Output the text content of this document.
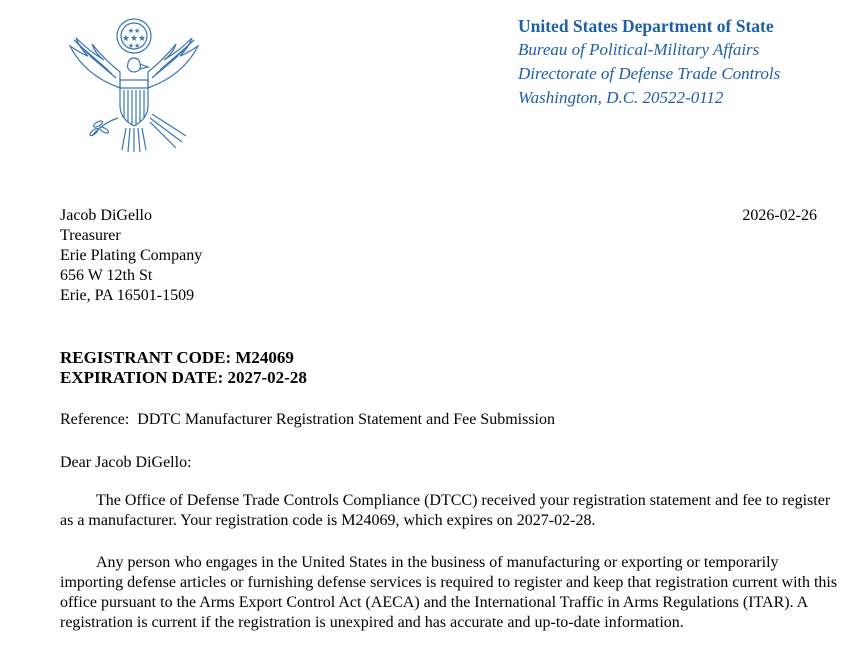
★★★
★★
★★
United States Department of State
Bureau of Political-Military Affairs
Directorate of Defense Trade Controls
Washington, D.C. 20522-0112
Jacob DiGello
Treasurer
Erie Plating Company
656 W 12th St
Erie, PA 16501-1509
2026-02-26
REGISTRANT CODE: M24069
EXPIRATION DATE: 2027-02-28
Reference:  DDTC Manufacturer Registration Statement and Fee Submission
Dear Jacob DiGello:

The Office of Defense Trade Controls Compliance (DTCC) received your registration statement and fee to register as a manufacturer. Your registration code is M24069, which expires on 2027-02-28.

Any person who engages in the United States in the business of manufacturing or exporting or temporarily importing defense articles or furnishing defense services is required to register and keep that registration current with this office pursuant to the Arms Export Control Act (AECA) and the International Traffic in Arms Regulations (ITAR). A registration is current if the registration is unexpired and has accurate and up-to-date information.
